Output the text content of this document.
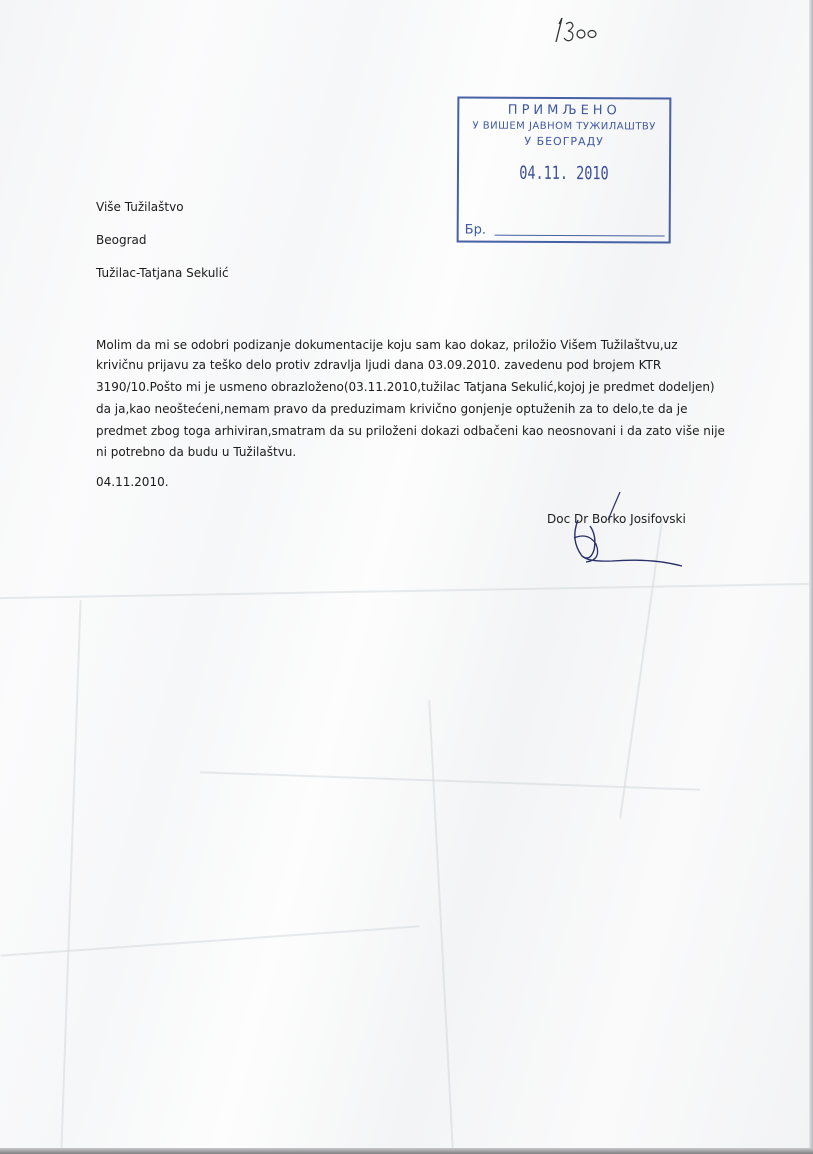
ПРИМЉЕНО
У ВИШЕМ ЈАВНОМ ТУЖИЛАШТВУ
У БЕОГРАДУ
04.11. 2010
Бр.
Više Tužilaštvo
Beograd
Tužilac-Tatjana Sekulić
Molim da mi se odobri podizanje dokumentacije koju sam kao dokaz, priložio Višem Tužilaštvu,uz
krivičnu prijavu za teško delo protiv zdravlja ljudi dana 03.09.2010. zavedenu pod brojem KTR
3190/10.Pošto mi je usmeno obrazloženo(03.11.2010,tužilac Tatjana Sekulić,kojoj je predmet dodeljen)
da ja,kao neoštećeni,nemam pravo da preduzimam krivično gonjenje optuženih za to delo,te da je
predmet zbog toga arhiviran,smatram da su priloženi dokazi odbačeni kao neosnovani i da zato više nije
ni potrebno da budu u Tužilaštvu.
04.11.2010.
Doc Dr Borko Josifovski
